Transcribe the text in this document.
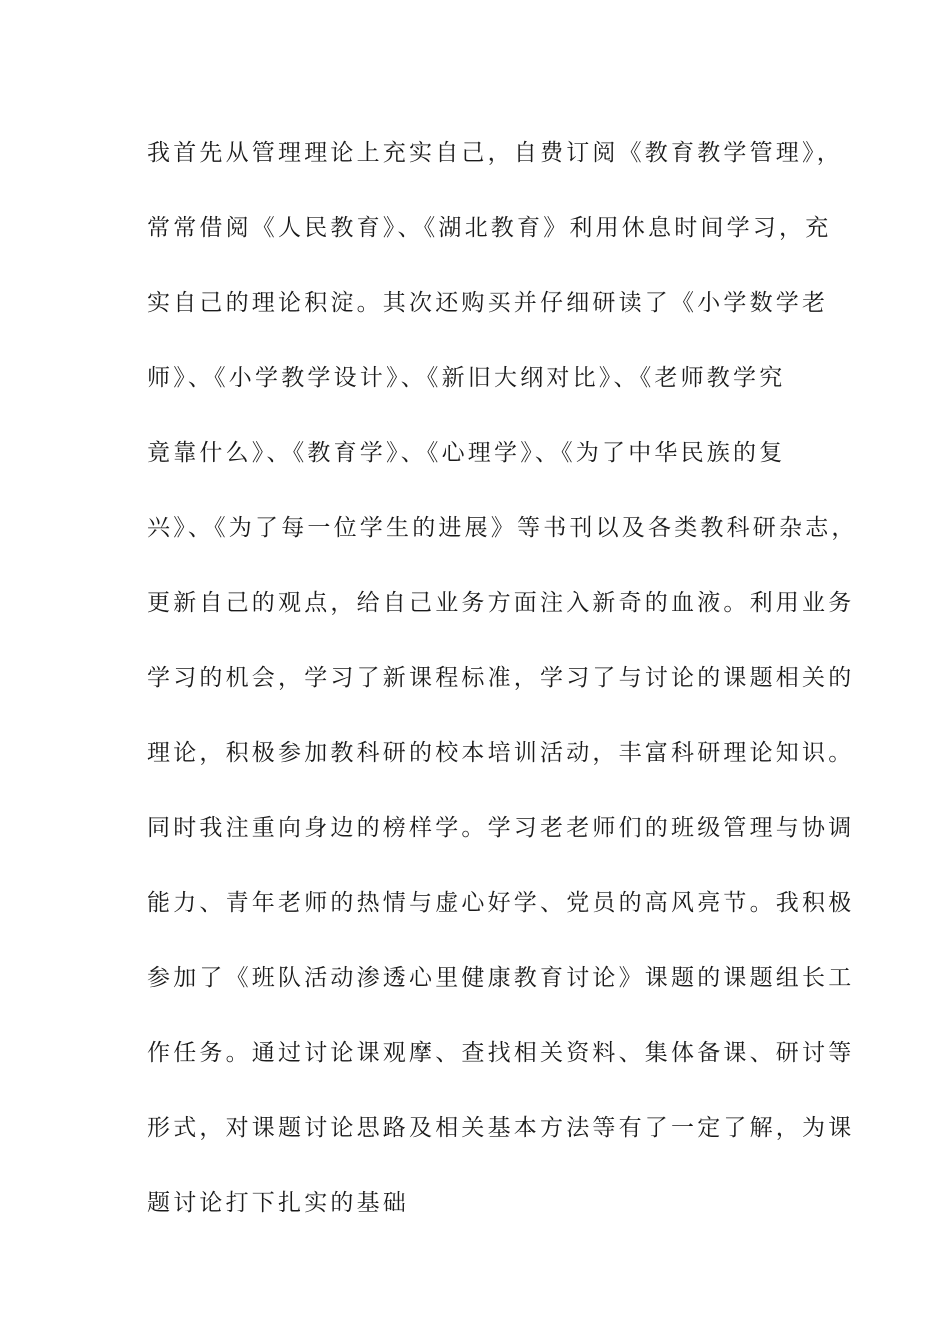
我首先从管理理论上充实自己，自费订阅《教育教学管理》，
常常借阅《人民教育》、《湖北教育》利用休息时间学习，充
实自己的理论积淀。其次还购买并仔细研读了《小学数学老
师》、《小学教学设计》、《新旧大纲对比》、《老师教学究
竟靠什么》、《教育学》、《心理学》、《为了中华民族的复
兴》、《为了每一位学生的进展》等书刊以及各类教科研杂志，
更新自己的观点，给自己业务方面注入新奇的血液。利用业务
学习的机会，学习了新课程标准，学习了与讨论的课题相关的
理论，积极参加教科研的校本培训活动，丰富科研理论知识。
同时我注重向身边的榜样学。学习老老师们的班级管理与协调
能力、青年老师的热情与虚心好学、党员的高风亮节。我积极
参加了《班队活动渗透心里健康教育讨论》课题的课题组长工
作任务。通过讨论课观摩、查找相关资料、集体备课、研讨等
形式，对课题讨论思路及相关基本方法等有了一定了解，为课
题讨论打下扎实的基础
